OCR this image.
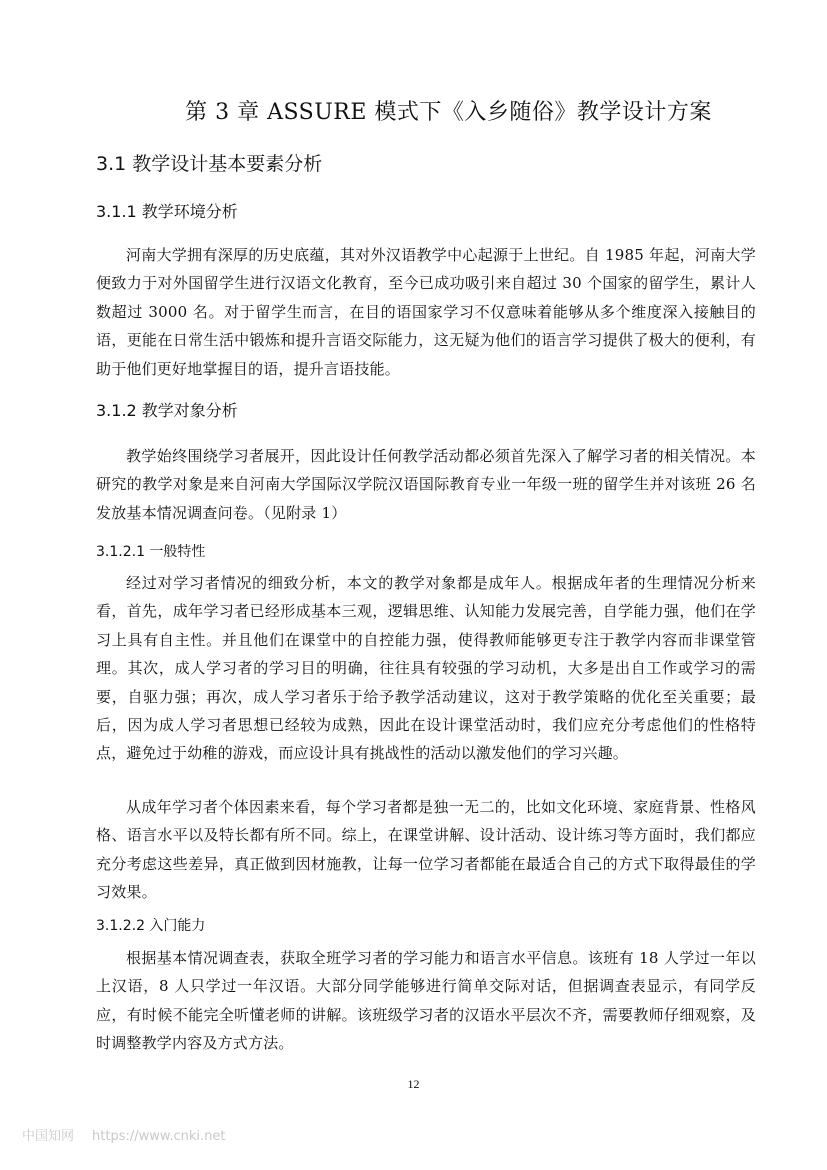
第 3 章 ASSURE 模式下《入乡随俗》教学设计方案
3.1 教学设计基本要素分析
3.1.1 教学环境分析

河南大学拥有深厚的历史底蕴，其对外汉语教学中心起源于上世纪。自 1985 年起，河南大学便致力于对外国留学生进行汉语文化教育，至今已成功吸引来自超过 30 个国家的留学生，累计人数超过 3000 名。对于留学生而言，在目的语国家学习不仅意味着能够从多个维度深入接触目的语，更能在日常生活中锻炼和提升言语交际能力，这无疑为他们的语言学习提供了极大的便利，有助于他们更好地掌握目的语，提升言语技能。

3.1.2 教学对象分析

教学始终围绕学习者展开，因此设计任何教学活动都必须首先深入了解学习者的相关情况。本研究的教学对象是来自河南大学国际汉学院汉语国际教育专业一年级一班的留学生并对该班 26 名发放基本情况调查问卷。（见附录 1）

3.1.2.1 一般特性

经过对学习者情况的细致分析，本文的教学对象都是成年人。根据成年者的生理情况分析来看，首先，成年学习者已经形成基本三观，逻辑思维、认知能力发展完善，自学能力强，他们在学习上具有自主性。并且他们在课堂中的自控能力强，使得教师能够更专注于教学内容而非课堂管理。其次，成人学习者的学习目的明确，往往具有较强的学习动机，大多是出自工作或学习的需要，自驱力强；再次，成人学习者乐于给予教学活动建议，这对于教学策略的优化至关重要；最后，因为成人学习者思想已经较为成熟，因此在设计课堂活动时，我们应充分考虑他们的性格特点，避免过于幼稚的游戏，而应设计具有挑战性的活动以激发他们的学习兴趣。

从成年学习者个体因素来看，每个学习者都是独一无二的，比如文化环境、家庭背景、性格风格、语言水平以及特长都有所不同。综上，在课堂讲解、设计活动、设计练习等方面时，我们都应充分考虑这些差异，真正做到因材施教，让每一位学习者都能在最适合自己的方式下取得最佳的学习效果。

3.1.2.2 入门能力

根据基本情况调查表，获取全班学习者的学习能力和语言水平信息。该班有 18 人学过一年以上汉语，8 人只学过一年汉语。大部分同学能够进行简单交际对话，但据调查表显示，有同学反应，有时候不能完全听懂老师的讲解。该班级学习者的汉语水平层次不齐，需要教师仔细观察，及时调整教学内容及方式方法。

12
中国知网 https://www.cnki.net
